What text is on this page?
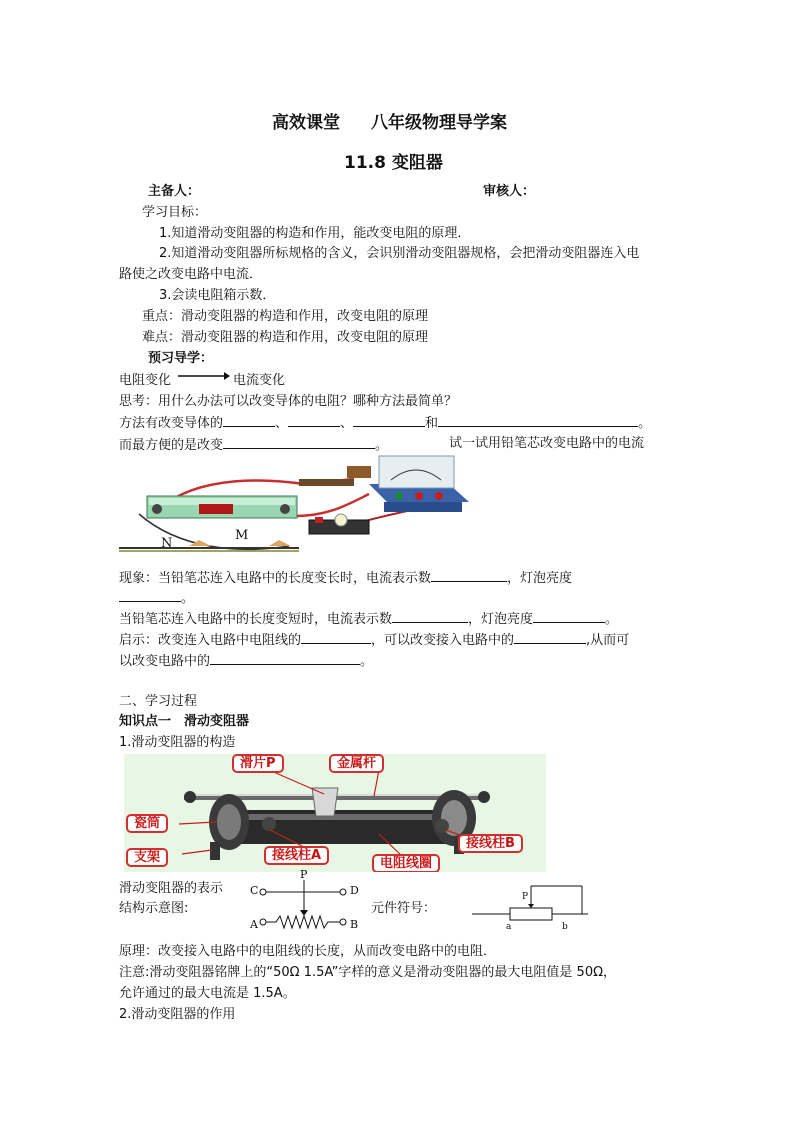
高效课堂 八年级物理导学案
11.8 变阻器
主备人：	审核人：
学习目标：
1.知道滑动变阻器的构造和作用，能改变电阻的原理．
2.知道滑动变阻器所标规格的含义，会识别滑动变阻器规格，会把滑动变阻器连入电
路使之改变电路中电流．
3.会读电阻箱示数．
重点：滑动变阻器的构造和作用，改变电阻的原理
难点：滑动变阻器的构造和作用，改变电阻的原理
预习导学：
电阻变化	电流变化
思考：用什么办法可以改变导体的电阻？哪种方法最简单？
方法有改变导体的	、	、	和	。
而最方便的是改变	。	试一试用铅笔芯改变电路中的电流
N
M
现象：当铅笔芯连入电路中的长度变长时，电流表示数	，灯泡亮度
。
当铅笔芯连入电路中的长度变短时，电流表示数	，灯泡亮度	。
启示：改变连入电路中电阻线的	，可以改变接入电路中的	,从而可
以改变电路中的	。
二、学习过程
知识点一　滑动变阻器
1.滑动变阻器的构造
滑片P	金属杆
瓷筒
支架	接线柱A
电阻线圈
接线柱B
滑动变阻器的表示
结构示意图:
C	D
A	B
P
元件符号：
P
a	b
原理：改变接入电路中的电阻线的长度，从而改变电路中的电阻．
注意:滑动变阻器铭牌上的“50Ω 1.5A”字样的意义是滑动变阻器的最大电阻值是 50Ω，
允许通过的最大电流是 1.5A。
2.滑动变阻器的作用
